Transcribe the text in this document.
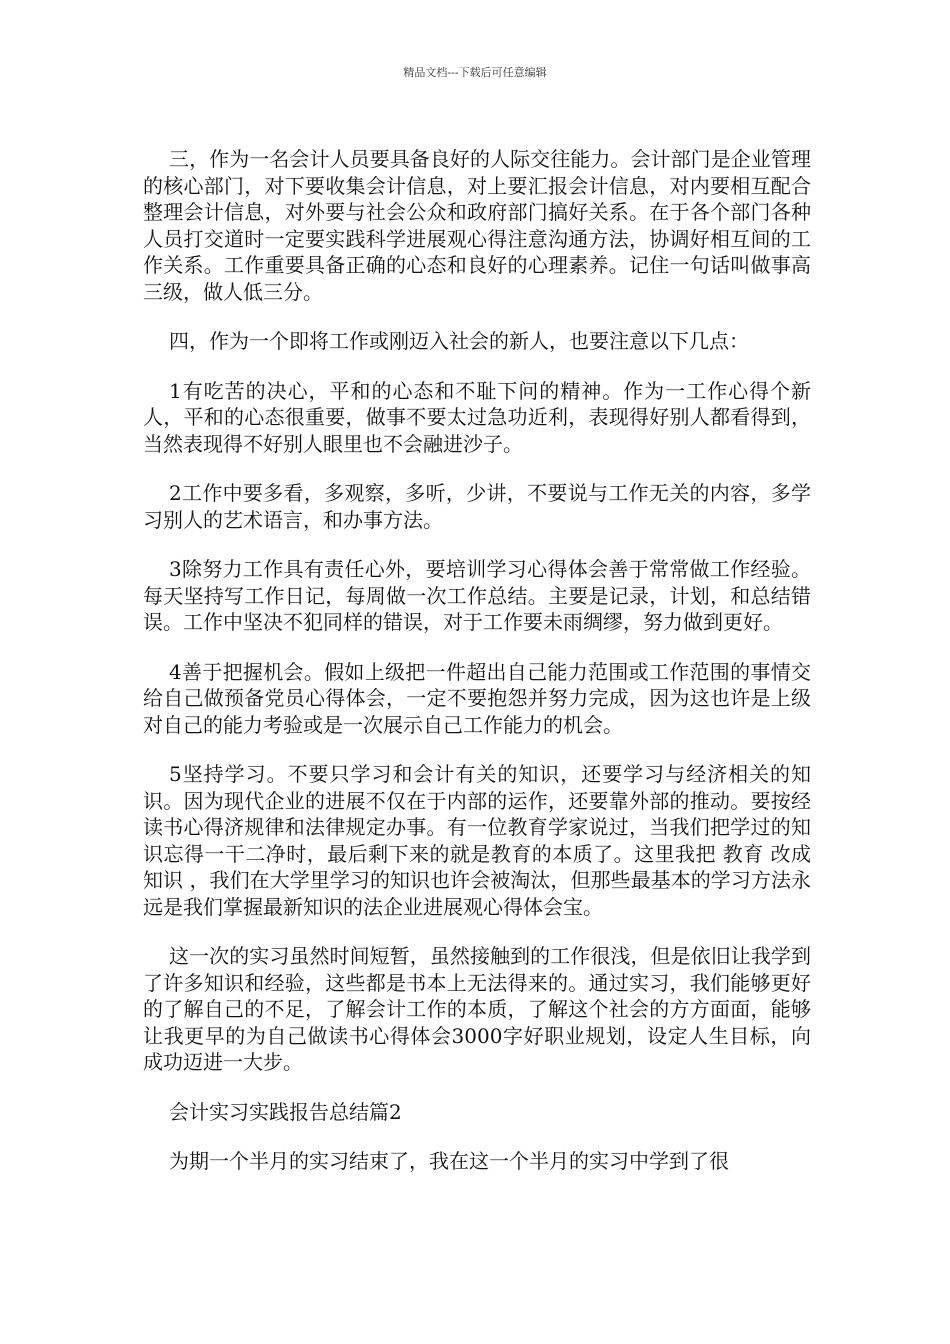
精品文档---下载后可任意编辑

三，作为一名会计人员要具备良好的人际交往能力。会计部门是企业管理的核心部门，对下要收集会计信息，对上要汇报会计信息，对内要相互配合整理会计信息，对外要与社会公众和政府部门搞好关系。在于各个部门各种人员打交道时一定要实践科学进展观心得注意沟通方法，协调好相互间的工作关系。工作重要具备正确的心态和良好的心理素养。记住一句话叫做事高三级，做人低三分。

四，作为一个即将工作或刚迈入社会的新人，也要注意以下几点：

1有吃苦的决心，平和的心态和不耻下问的精神。作为一工作心得个新人，平和的心态很重要，做事不要太过急功近利，表现得好别人都看得到，当然表现得不好别人眼里也不会融进沙子。

2工作中要多看，多观察，多听，少讲，不要说与工作无关的内容，多学习别人的艺术语言，和办事方法。

3除努力工作具有责任心外，要培训学习心得体会善于常常做工作经验。每天坚持写工作日记，每周做一次工作总结。主要是记录，计划，和总结错误。工作中坚决不犯同样的错误，对于工作要未雨绸缪，努力做到更好。

4善于把握机会。假如上级把一件超出自己能力范围或工作范围的事情交给自己做预备党员心得体会，一定不要抱怨并努力完成，因为这也许是上级对自己的能力考验或是一次展示自己工作能力的机会。

5坚持学习。不要只学习和会计有关的知识，还要学习与经济相关的知识。因为现代企业的进展不仅在于内部的运作，还要靠外部的推动。要按经读书心得济规律和法律规定办事。有一位教育学家说过，当我们把学过的知识忘得一干二净时，最后剩下来的就是教育的本质了。这里我把 教育 改成 知识 ，我们在大学里学习的知识也许会被淘汰，但那些最基本的学习方法永远是我们掌握最新知识的法企业进展观心得体会宝。

这一次的实习虽然时间短暂，虽然接触到的工作很浅，但是依旧让我学到了许多知识和经验，这些都是书本上无法得来的。通过实习，我们能够更好的了解自己的不足，了解会计工作的本质，了解这个社会的方方面面，能够让我更早的为自己做读书心得体会3000字好职业规划，设定人生目标，向成功迈进一大步。

会计实习实践报告总结篇2

为期一个半月的实习结束了，我在这一个半月的实习中学到了很
